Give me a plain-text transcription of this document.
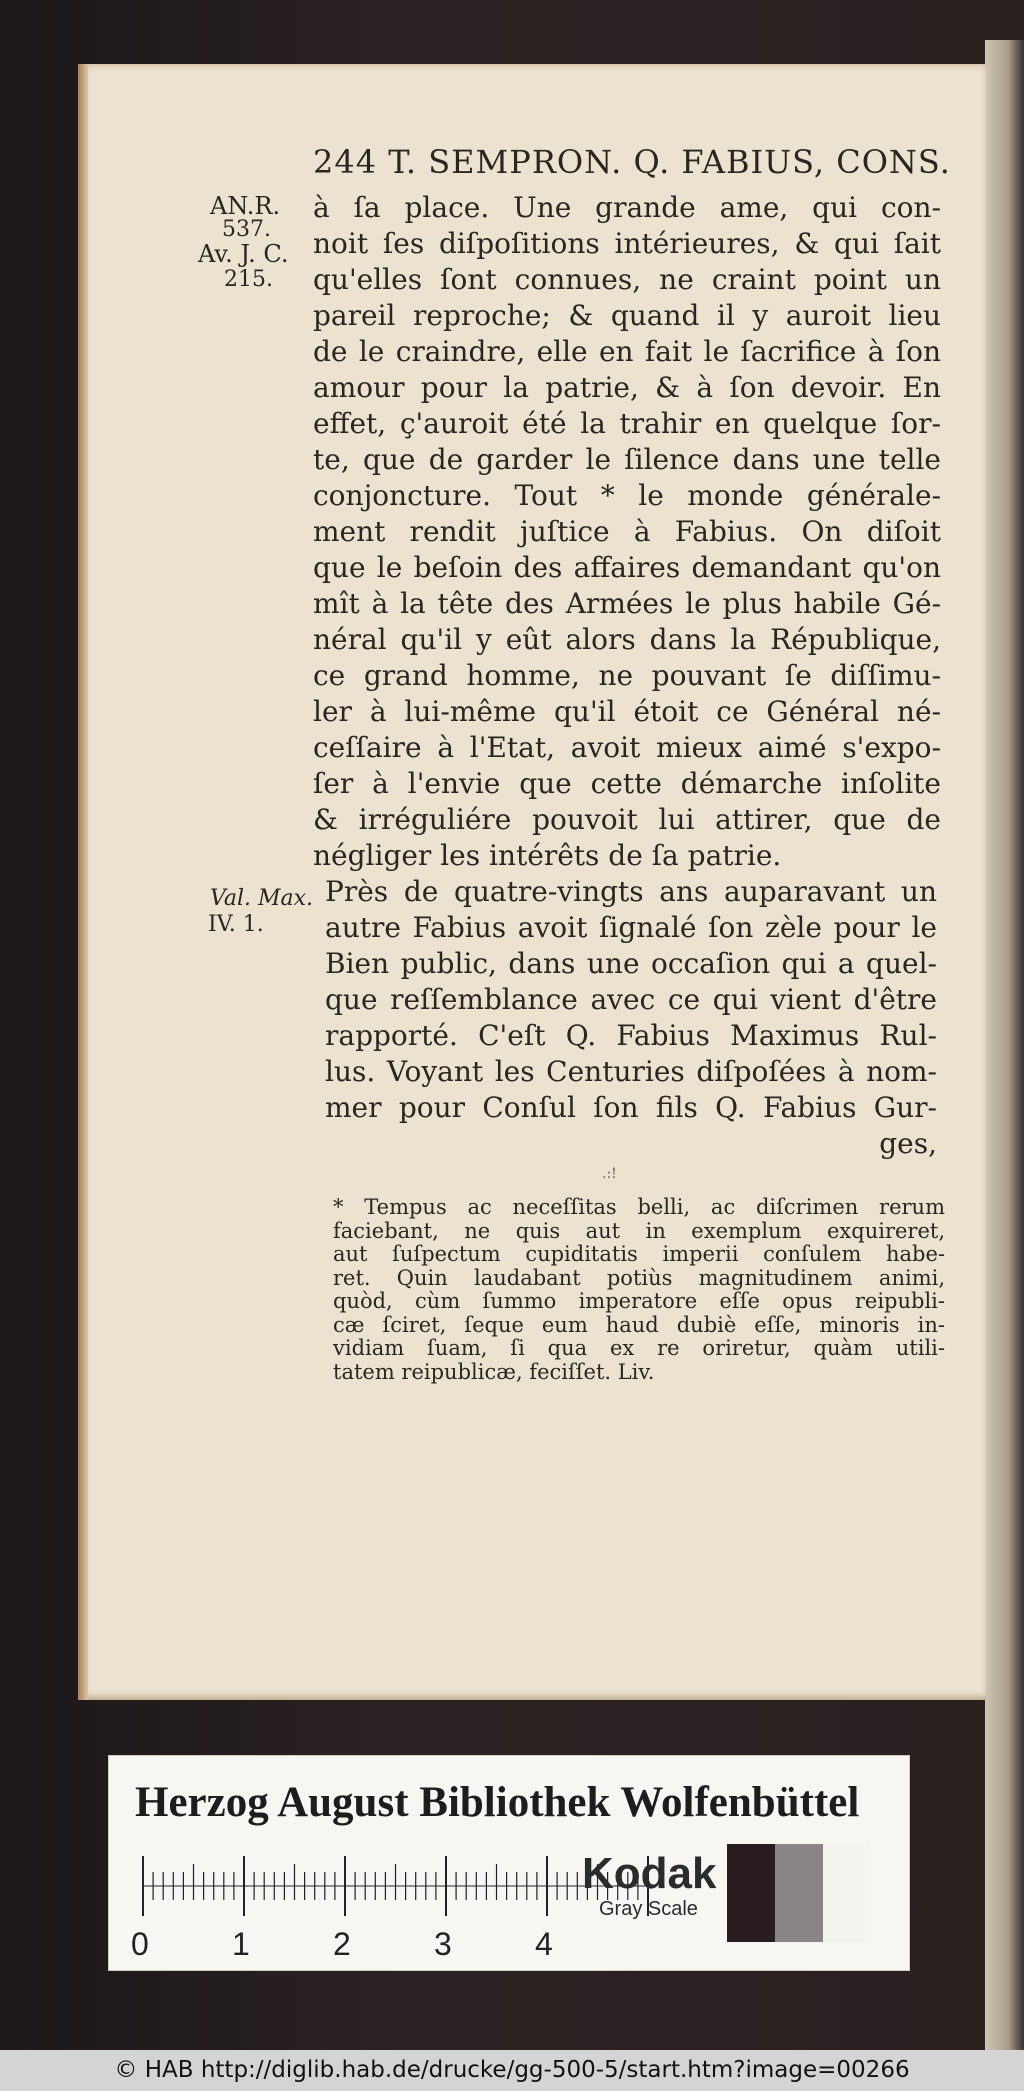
244 T. SEMPRON. Q. FABIUS, CONS.
AN.R.
537.
Av. J. C.
215.
Val. Max.
IV. 1.
à ſa place. Une grande ame, qui con-
noit ſes diſpoſitions intérieures, & qui ſait
qu'elles ſont connues, ne craint point un
pareil reproche; & quand il y auroit lieu
de le craindre, elle en fait le ſacrifice à ſon
amour pour la patrie, & à ſon devoir. En
effet, ç'auroit été la trahir en quelque ſor-
te, que de garder le ſilence dans une telle
conjoncture. Tout * le monde généralе-
ment rendit juſtice à Fabius. On diſoit
que le beſoin des affaires demandant qu'on
mît à la tête des Armées le plus habile Gé-
néral qu'il y eût alors dans la République,
ce grand homme, ne pouvant ſe diſſimu-
ler à lui-même qu'il étoit ce Général né-
ceſſaire à l'Etat, avoit mieux aimé s'expo-
ſer à l'envie que cette démarche inſolite
& irréguliére pouvoit lui attirer, que de
négliger les intérêts de ſa patrie.
Près de quatre-vingts ans auparavant un
autre Fabius avoit ſignalé ſon zèle pour le
Bien public, dans une occaſion qui a quel-
que reſſemblance avec ce qui vient d'être
rapporté. C'eſt Q. Fabius Maximus Rul-
lus. Voyant les Centuries diſpoſées à nom-
mer pour Conſul ſon fils Q. Fabius Gur-
ges,
.:!
* Tempus ac neceſſitas belli, ac diſcrimen rerum
faciebant, ne quis aut in exemplum exquireret,
aut ſuſpectum cupiditatis imperii conſulem habe-
ret. Quin laudabant potiùs magnitudinem animi,
quòd, cùm ſummo imperatore eſſe opus reipubli-
cæ ſciret, ſeque eum haud dubiè eſſe, minoris in-
vidiam ſuam, ſi qua ex re oriretur, quàm utili-
tatem reipublicæ, feciſſet. Liv.
Herzog August Bibliothek Wolfenbüttel
0	1	2	3	4
Kodak
Gray Scale
© HAB http://diglib.hab.de/drucke/gg-500-5/start.htm?image=00266
